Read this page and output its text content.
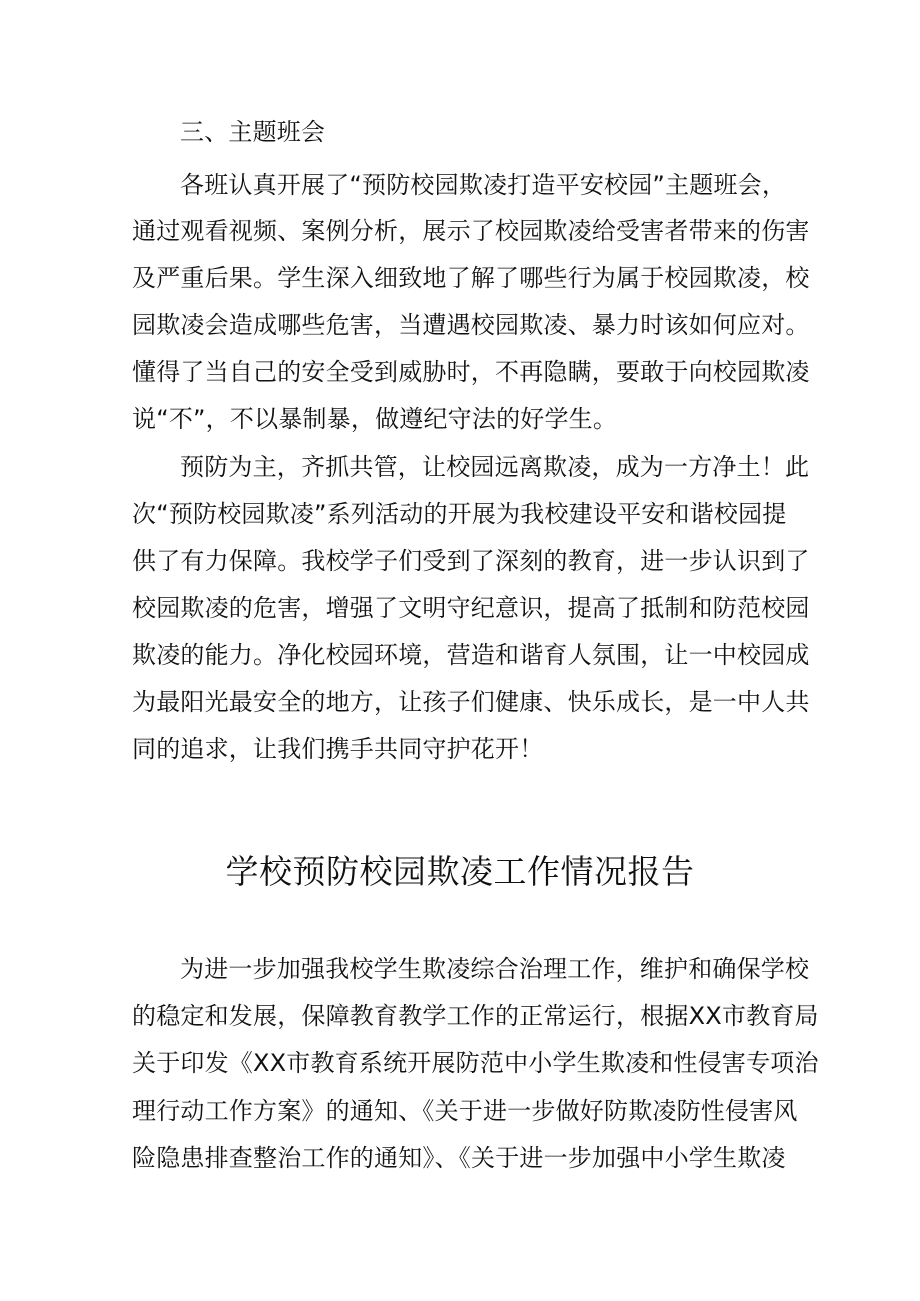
三、主题班会
各班认真开展了“预防校园欺凌打造平安校园”主题班会，
通过观看视频、案例分析，展示了校园欺凌给受害者带来的伤害
及严重后果。学生深入细致地了解了哪些行为属于校园欺凌，校
园欺凌会造成哪些危害，当遭遇校园欺凌、暴力时该如何应对。
懂得了当自己的安全受到威胁时，不再隐瞒，要敢于向校园欺凌
说“不”，不以暴制暴，做遵纪守法的好学生。
预防为主，齐抓共管，让校园远离欺凌，成为一方净土！此
次“预防校园欺凌”系列活动的开展为我校建设平安和谐校园提
供了有力保障。我校学子们受到了深刻的教育，进一步认识到了
校园欺凌的危害，增强了文明守纪意识，提高了抵制和防范校园
欺凌的能力。净化校园环境，营造和谐育人氛围，让一中校园成
为最阳光最安全的地方，让孩子们健康、快乐成长，是一中人共
同的追求，让我们携手共同守护花开！
学校预防校园欺凌工作情况报告
为进一步加强我校学生欺凌综合治理工作，维护和确保学校
的稳定和发展，保障教育教学工作的正常运行，根据XX市教育局
关于印发《XX市教育系统开展防范中小学生欺凌和性侵害专项治
理行动工作方案》的通知、《关于进一步做好防欺凌防性侵害风
险隐患排查整治工作的通知》、《关于进一步加强中小学生欺凌
